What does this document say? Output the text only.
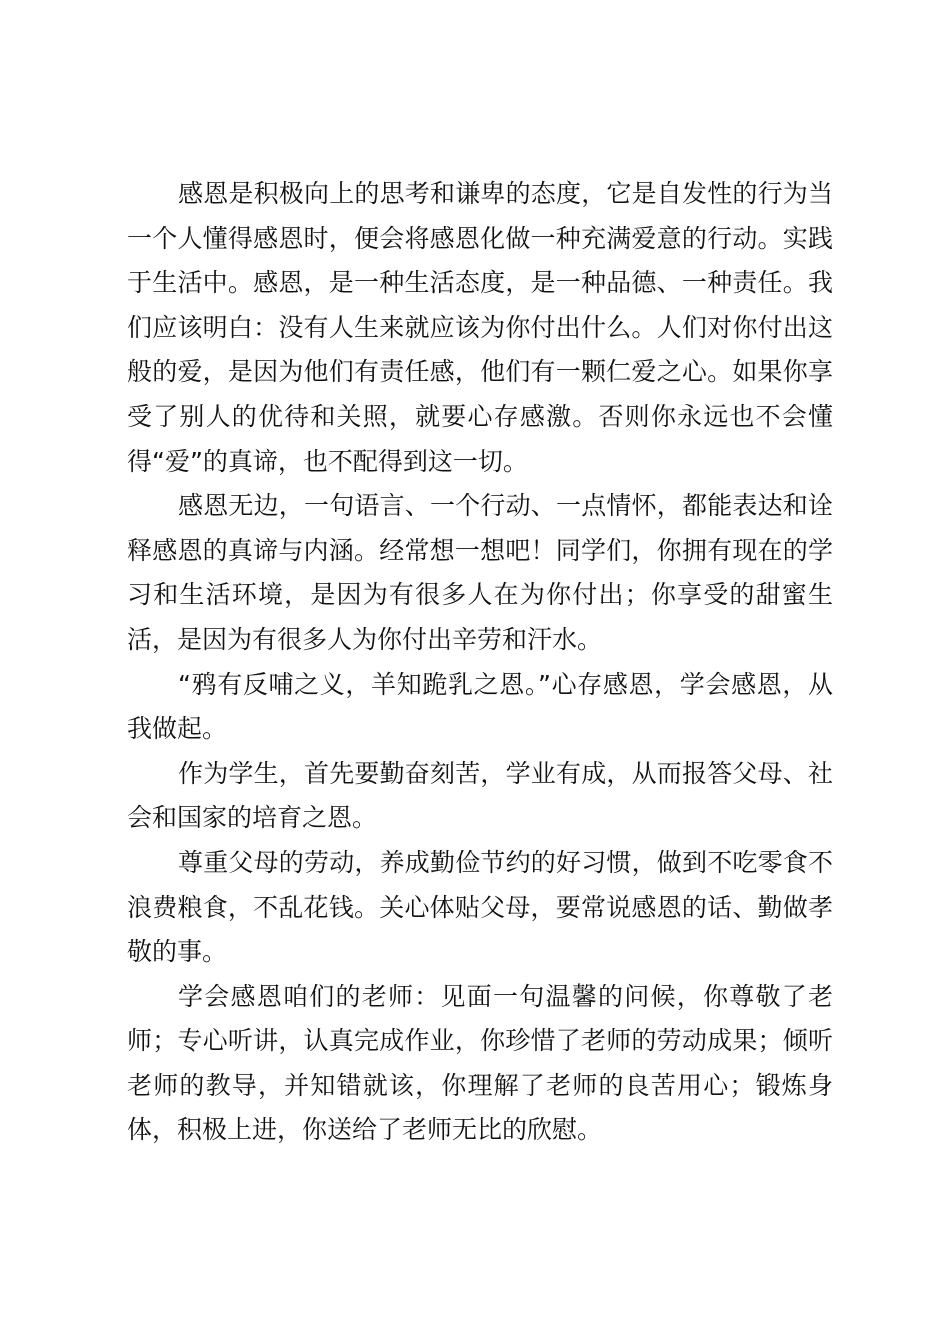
感恩是积极向上的思考和谦卑的态度，它是自发性的行为当一个人懂得感恩时，便会将感恩化做一种充满爱意的行动。实践于生活中。感恩，是一种生活态度，是一种品德、一种责任。我们应该明白：没有人生来就应该为你付出什么。人们对你付出这般的爱，是因为他们有责任感，他们有一颗仁爱之心。如果你享受了别人的优待和关照，就要心存感激。否则你永远也不会懂得“爱”的真谛，也不配得到这一切。

感恩无边，一句语言、一个行动、一点情怀，都能表达和诠释感恩的真谛与内涵。经常想一想吧！同学们，你拥有现在的学习和生活环境，是因为有很多人在为你付出；你享受的甜蜜生活，是因为有很多人为你付出辛劳和汗水。

“鸦有反哺之义，羊知跪乳之恩。”心存感恩，学会感恩，从我做起。

作为学生，首先要勤奋刻苦，学业有成，从而报答父母、社会和国家的培育之恩。

尊重父母的劳动，养成勤俭节约的好习惯，做到不吃零食不浪费粮食，不乱花钱。关心体贴父母，要常说感恩的话、勤做孝敬的事。

学会感恩咱们的老师：见面一句温馨的问候，你尊敬了老师；专心听讲，认真完成作业，你珍惜了老师的劳动成果；倾听老师的教导，并知错就该，你理解了老师的良苦用心；锻炼身体，积极上进，你送给了老师无比的欣慰。
